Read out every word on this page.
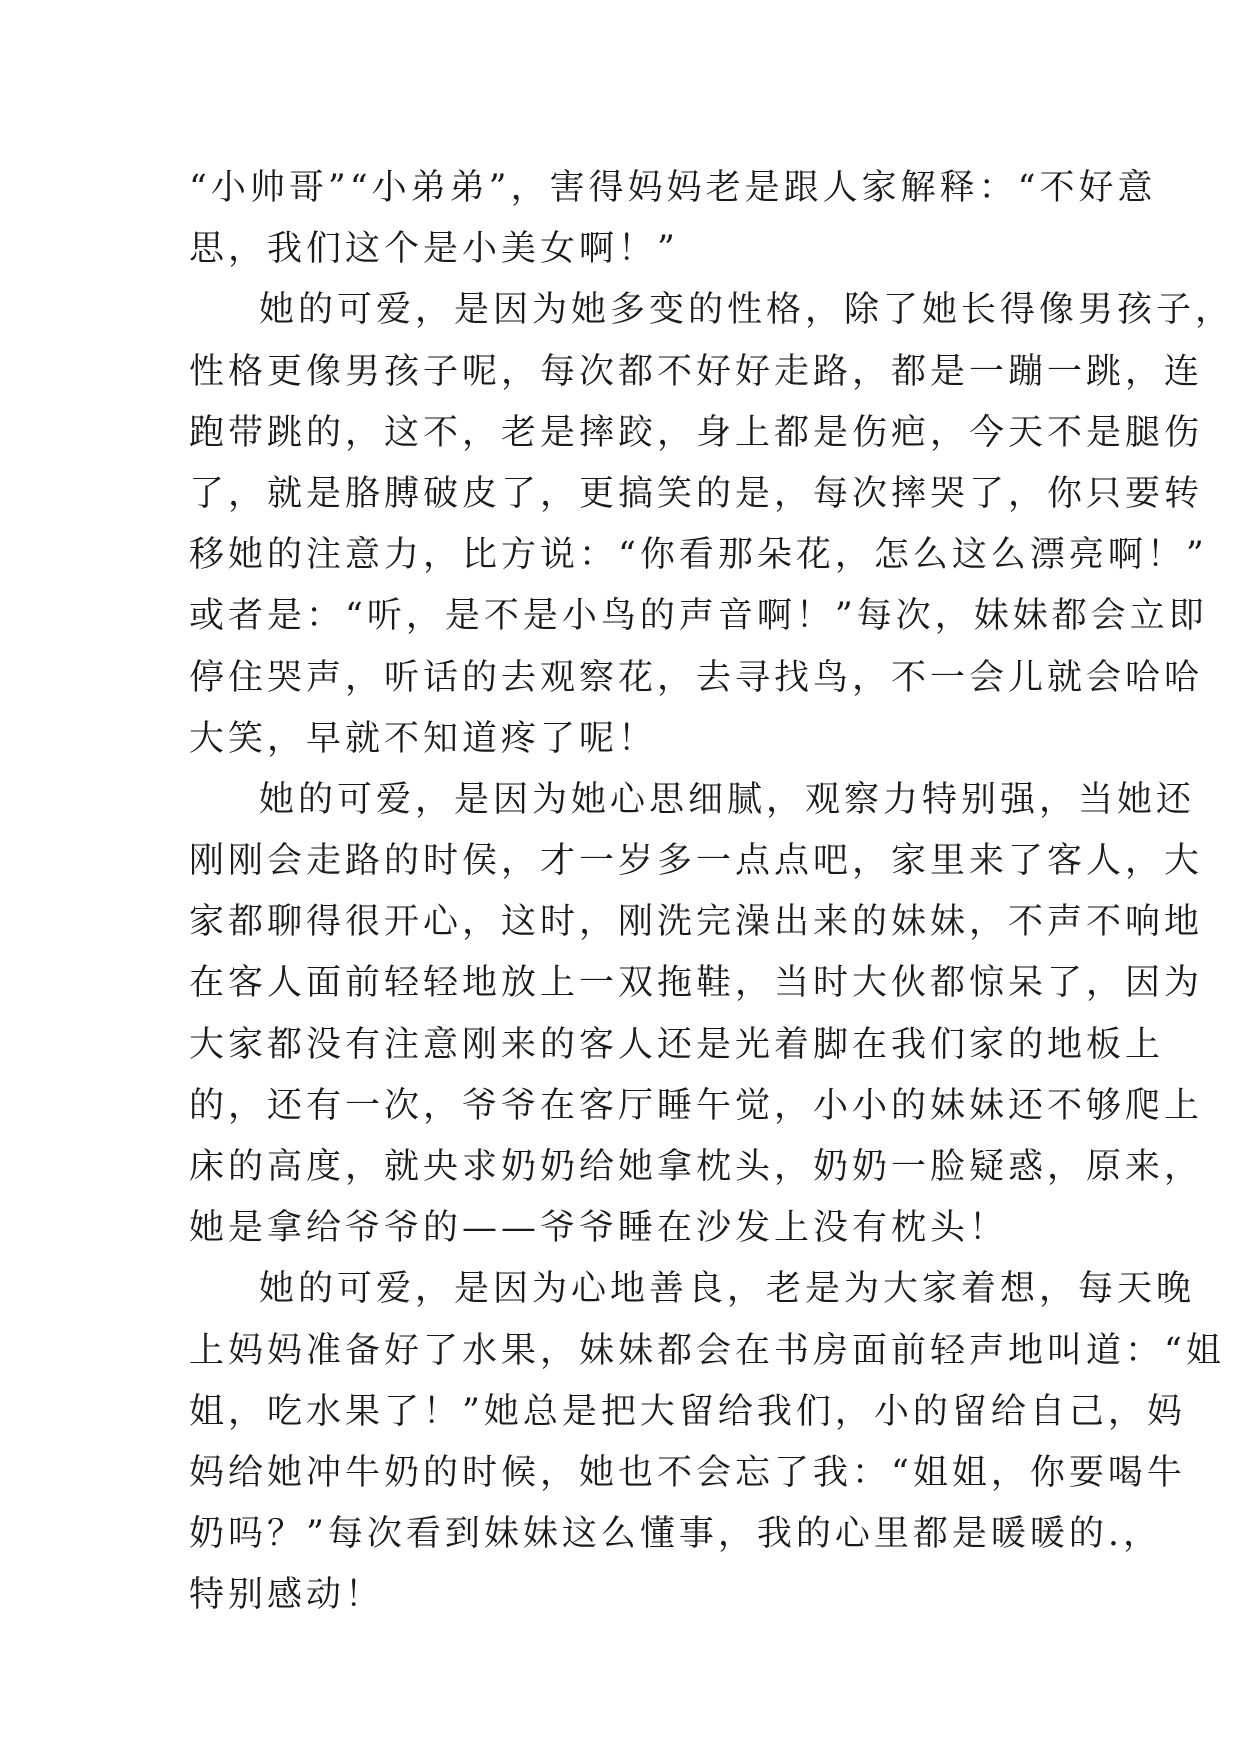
“小帅哥”“小弟弟”，害得妈妈老是跟人家解释：“不好意
思，我们这个是小美女啊！”
她的可爱，是因为她多变的性格，除了她长得像男孩子，
性格更像男孩子呢，每次都不好好走路，都是一蹦一跳，连
跑带跳的，这不，老是摔跤，身上都是伤疤，今天不是腿伤
了，就是胳膊破皮了，更搞笑的是，每次摔哭了，你只要转
移她的注意力，比方说：“你看那朵花，怎么这么漂亮啊！”
或者是：“听，是不是小鸟的声音啊！”每次，妹妹都会立即
停住哭声，听话的去观察花，去寻找鸟，不一会儿就会哈哈
大笑，早就不知道疼了呢！
她的可爱，是因为她心思细腻，观察力特别强，当她还
刚刚会走路的时侯，才一岁多一点点吧，家里来了客人，大
家都聊得很开心，这时，刚洗完澡出来的妹妹，不声不响地
在客人面前轻轻地放上一双拖鞋，当时大伙都惊呆了，因为
大家都没有注意刚来的客人还是光着脚在我们家的地板上
的，还有一次，爷爷在客厅睡午觉，小小的妹妹还不够爬上
床的高度，就央求奶奶给她拿枕头，奶奶一脸疑惑，原来，
她是拿给爷爷的——爷爷睡在沙发上没有枕头！
她的可爱，是因为心地善良，老是为大家着想，每天晚
上妈妈准备好了水果，妹妹都会在书房面前轻声地叫道：“姐
姐，吃水果了！”她总是把大留给我们，小的留给自己，妈
妈给她冲牛奶的时候，她也不会忘了我：“姐姐，你要喝牛
奶吗？”每次看到妹妹这么懂事，我的心里都是暖暖的.，
特别感动！
